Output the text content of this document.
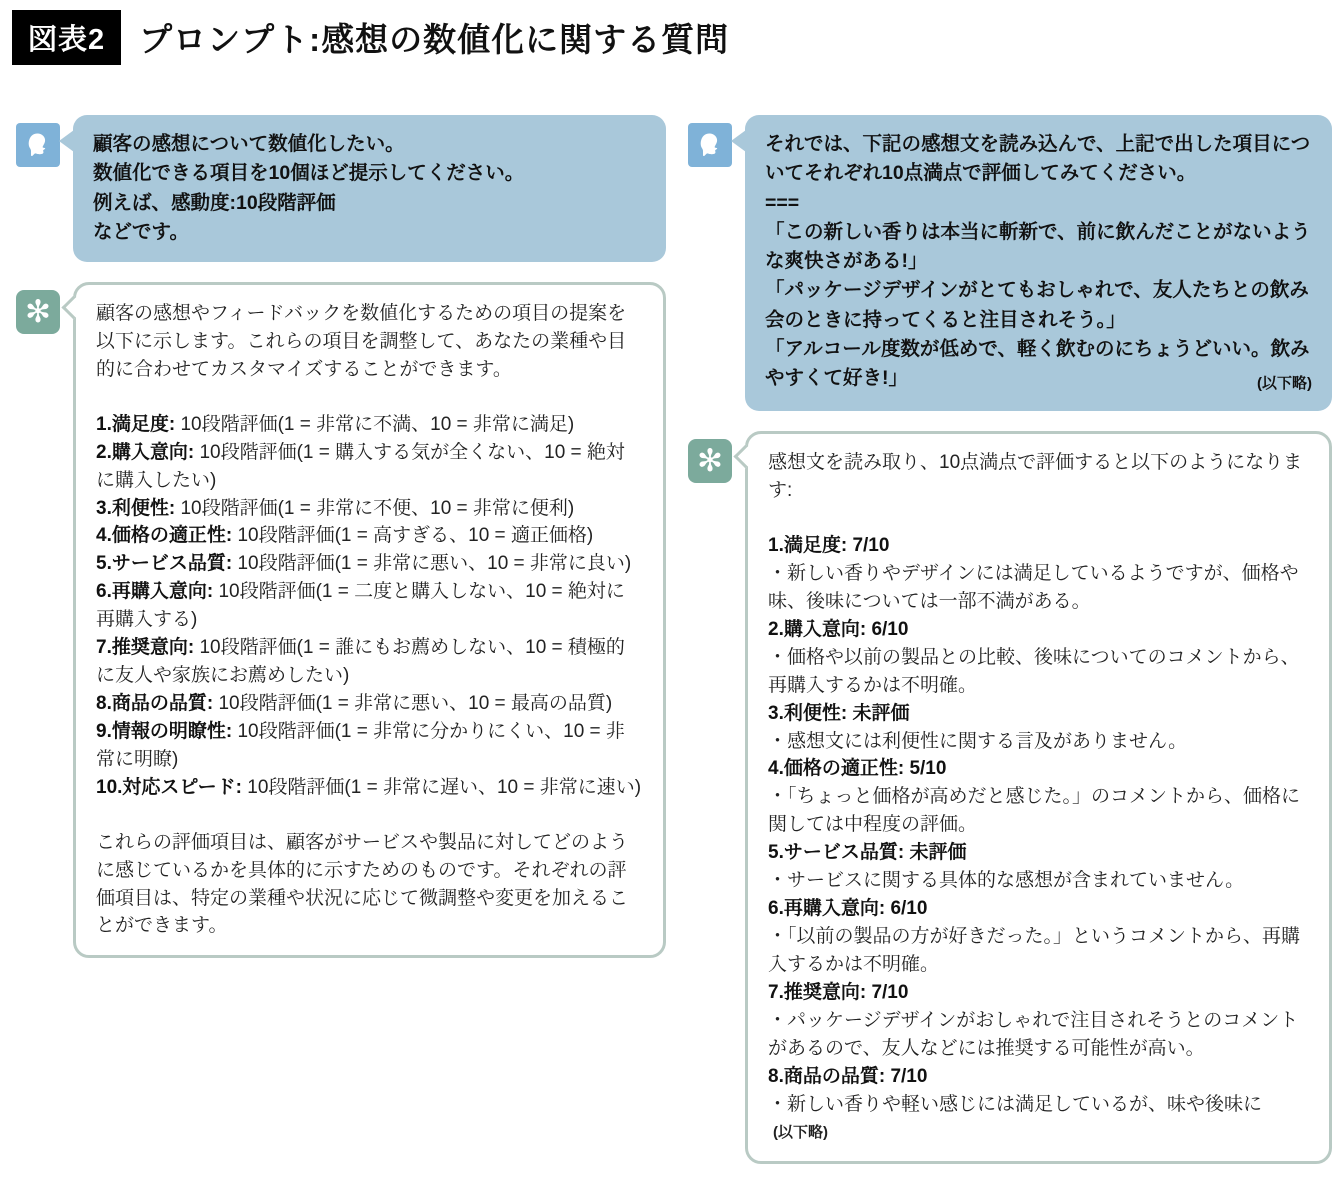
図表2	プロンプト:感想の数値化に関する質問

顧客の感想について数値化したい。

数値化できる項目を10個ほど提示してください。

例えば、感動度:10段階評価

などです。

✻ 顧客の感想やフィードバックを数値化するための項目の提案を以下に示します。これらの項目を調整して、あなたの業種や目的に合わせてカスタマイズすることができます。

1.満足度: 10段階評価(1 = 非常に不満、10 = 非常に満足)

2.購入意向: 10段階評価(1 = 購入する気が全くない、10 = 絶対に購入したい)

3.利便性: 10段階評価(1 = 非常に不便、10 = 非常に便利)

4.価格の適正性: 10段階評価(1 = 高すぎる、10 = 適正価格)

5.サービス品質: 10段階評価(1 = 非常に悪い、10 = 非常に良い)

6.再購入意向: 10段階評価(1 = 二度と購入しない、10 = 絶対に再購入する)

7.推奨意向: 10段階評価(1 = 誰にもお薦めしない、10 = 積極的に友人や家族にお薦めしたい)

8.商品の品質: 10段階評価(1 = 非常に悪い、10 = 最高の品質)

9.情報の明瞭性: 10段階評価(1 = 非常に分かりにくい、10 = 非常に明瞭)

10.対応スピード: 10段階評価(1 = 非常に遅い、10 = 非常に速い)

これらの評価項目は、顧客がサービスや製品に対してどのように感じているかを具体的に示すためのものです。それぞれの評価項目は、特定の業種や状況に応じて微調整や変更を加えることができます。

それでは、下記の感想文を読み込んで、上記で出した項目についてそれぞれ10点満点で評価してみてください。

===

「この新しい香りは本当に斬新で、前に飲んだことがないような爽快さがある!」

「パッケージデザインがとてもおしゃれで、友人たちとの飲み会のときに持ってくると注目されそう。」

「アルコール度数が低めで、軽く飲むのにちょうどいい。飲みやすくて好き!」	(以下略)
✻ 感想文を読み取り、10点満点で評価すると以下のようになります:

1.満足度: 7/10

・新しい香りやデザインには満足しているようですが、価格や味、後味については一部不満がある。

2.購入意向: 6/10

・価格や以前の製品との比較、後味についてのコメントから、再購入するかは不明確。

3.利便性: 未評価

・感想文には利便性に関する言及がありません。

4.価格の適正性: 5/10

・「ちょっと価格が高めだと感じた。」のコメントから、価格に関しては中程度の評価。

5.サービス品質: 未評価

・サービスに関する具体的な感想が含まれていません。

6.再購入意向: 6/10

・「以前の製品の方が好きだった。」というコメントから、再購入するかは不明確。

7.推奨意向: 7/10

・パッケージデザインがおしゃれで注目されそうとのコメントがあるので、友人などには推奨する可能性が高い。

8.商品の品質: 7/10

・新しい香りや軽い感じには満足しているが、味や後味に(以下略)
